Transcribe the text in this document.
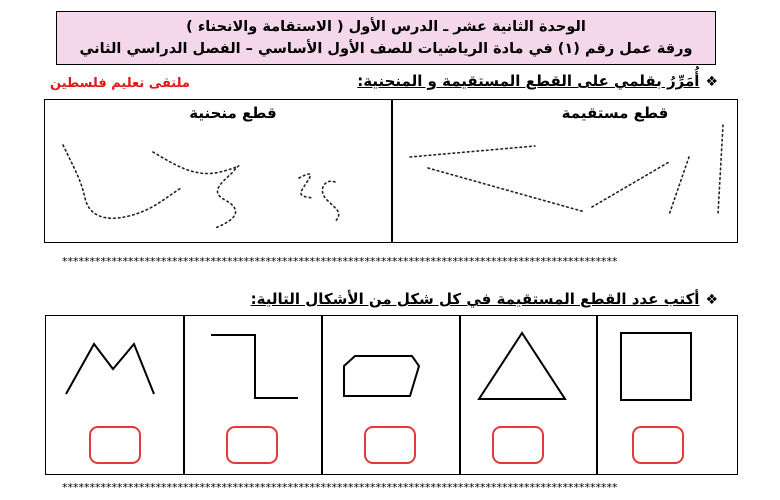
الوحدة الثانية عشر ـ الدرس الأول ( الاستقامة والانحناء )
ورقة عمل رقم (١) في مادة الرياضيات للصف الأول الأساسي – الفصل الدراسي الثاني
ملتقى تعليم فلسطين	❖أُمَرِّرُ بقلمي على القطع المستقيمة و المنحنية:
قطع مستقيمة
قطع منحنية
*****************************************************************************************************
❖أكتب عدد القطع المستقيمة في كل شكل من الأشكال التالية:
*****************************************************************************************************
